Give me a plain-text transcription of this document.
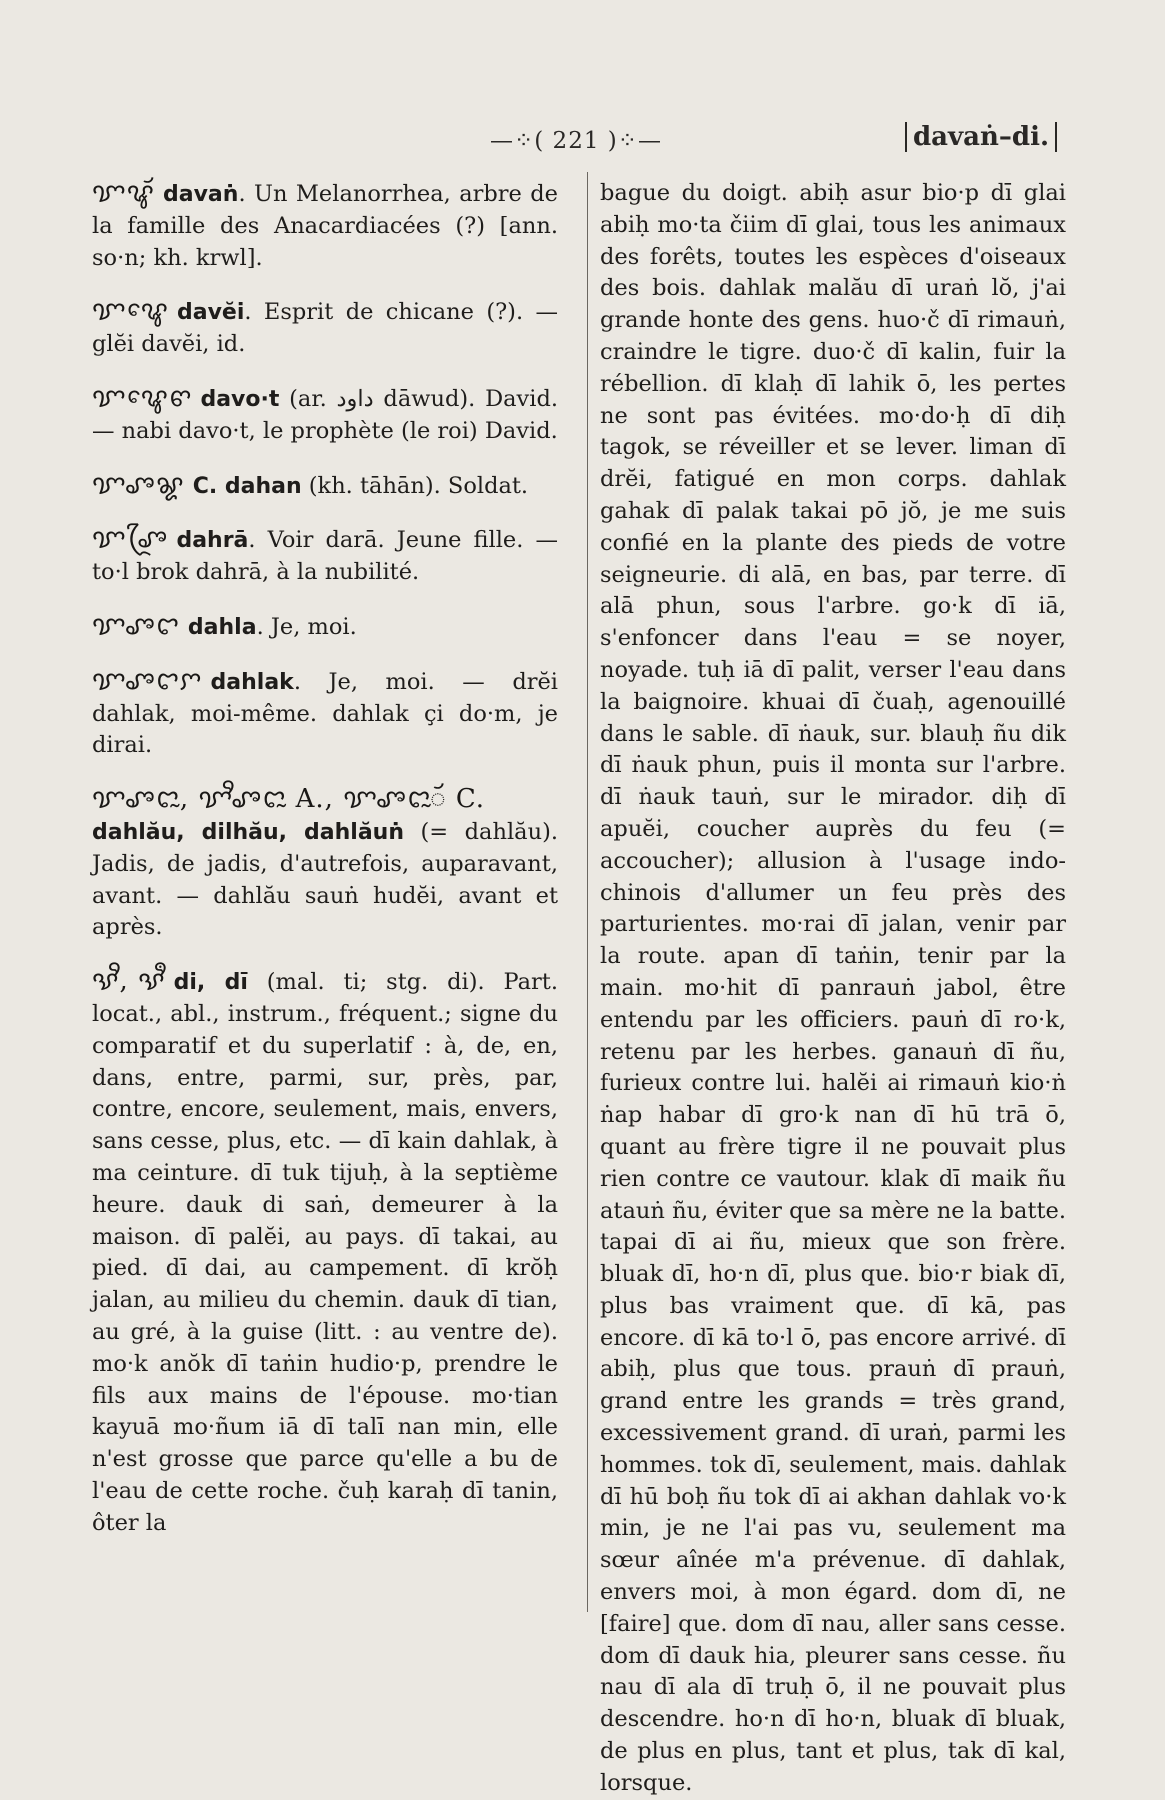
—⁘( 221 )⁘—	davaṅ–di.
ꨢꨥꨮ davaṅ. Un Melanorrhea, arbre de la famille des Anacardiacées (?) [ann. so·n; kh. krwl].
ꨢꨥꨯ davĕi. Esprit de chicane (?). — glĕi davĕi, id.
ꨢꨥꨯꨓ davo·t (ar. داود dāwud). David. — nabi davo·t, le prophète (le roi) David.
ꨢꨨꨘ C. dahan (kh. tāhān). Soldat.
ꨢꨨꨴ dahrā. Voir darā. Jeune fille. — to·l brok dahrā, à la nubilité.
ꨢꨨꨤ dahla. Je, moi.
ꨢꨨꨤꨆ dahlak. Je, moi. — drĕi dahlak, moi-même. dahlak çi do·m, je dirai.
ꨢꨨꨤꨭ, ꨢꨪꨨꨤꨭ A., ꨢꨨꨤꨭꨮ C.
dahlău, dilhău, dahlăuṅ (= dahlău). Jadis, de jadis, d'autrefois, auparavant, avant. — dahlău sauṅ hudĕi, avant et après.
ꨕꨪ, ꨕꨫ di, dī (mal. ti; stg. di). Part. locat., abl., instrum., fréquent.; signe du comparatif et du superlatif : à, de, en, dans, entre, parmi, sur, près, par, contre, encore, seulement, mais, envers, sans cesse, plus, etc. — dī kain dahlak, à ma ceinture. dī tuk tijuḥ, à la septième heure. dauk di saṅ, demeurer à la maison. dī palĕi, au pays. dī takai, au pied. dī dai, au campement. dī krŏḥ jalan, au milieu du chemin. dauk dī tian, au gré, à la guise (litt. : au ventre de). mo·k anŏk dī taṅin hudio·p, prendre le fils aux mains de l'épouse. mo·tian kayuā mo·ñum iā dī talī nan min, elle n'est grosse que parce qu'elle a bu de l'eau de cette roche. čuḥ karaḥ dī tanin, ôter la

bague du doigt. abiḥ asur bio·p dī glai abiḥ mo·ta čiim dī glai, tous les animaux des forêts, toutes les espèces d'oiseaux des bois. dahlak malău dī uraṅ lŏ, j'ai grande honte des gens. huo·č dī rimauṅ, craindre le tigre. duo·č dī kalin, fuir la rébellion. dī klaḥ dī lahik ō, les pertes ne sont pas évitées. mo·do·ḥ dī diḥ tagok, se réveiller et se lever. liman dī drĕi, fatigué en mon corps. dahlak gahak dī palak takai pō jŏ, je me suis confié en la plante des pieds de votre seigneurie. di alā, en bas, par terre. dī alā phun, sous l'arbre. go·k dī iā, s'enfoncer dans l'eau = se noyer, noyade. tuḥ iā dī palit, verser l'eau dans la baignoire. khuai dī čuaḥ, agenouillé dans le sable. dī ṅauk, sur. blauḥ ñu dik dī ṅauk phun, puis il monta sur l'arbre. dī ṅauk tauṅ, sur le mirador. diḥ dī apuĕi, coucher auprès du feu (= accoucher); allusion à l'usage indo-chinois d'allumer un feu près des parturientes. mo·rai dī jalan, venir par la route. apan dī taṅin, tenir par la main. mo·hit dī panrauṅ jabol, être entendu par les officiers. pauṅ dī ro·k, retenu par les herbes. ganauṅ dī ñu, furieux contre lui. halĕi ai rimauṅ kio·ṅ ṅap habar dī gro·k nan dī hū trā ō, quant au frère tigre il ne pouvait plus rien contre ce vautour. klak dī maik ñu atauṅ ñu, éviter que sa mère ne la batte. tapai dī ai ñu, mieux que son frère. bluak dī, ho·n dī, plus que. bio·r biak dī, plus bas vraiment que. dī kā, pas encore. dī kā to·l ō, pas encore arrivé. dī abiḥ, plus que tous. prauṅ dī prauṅ, grand entre les grands = très grand, excessivement grand. dī uraṅ, parmi les hommes. tok dī, seulement, mais. dahlak dī hū boḥ ñu tok dī ai akhan dahlak vo·k min, je ne l'ai pas vu, seulement ma sœur aînée m'a prévenue. dī dahlak, envers moi, à mon égard. dom dī, ne [faire] que. dom dī nau, aller sans cesse. dom dī dauk hia, pleurer sans cesse. ñu nau dī ala dī truḥ ō, il ne pouvait plus descendre. ho·n dī ho·n, bluak dī bluak, de plus en plus, tant et plus, tak dī kal, lorsque.
